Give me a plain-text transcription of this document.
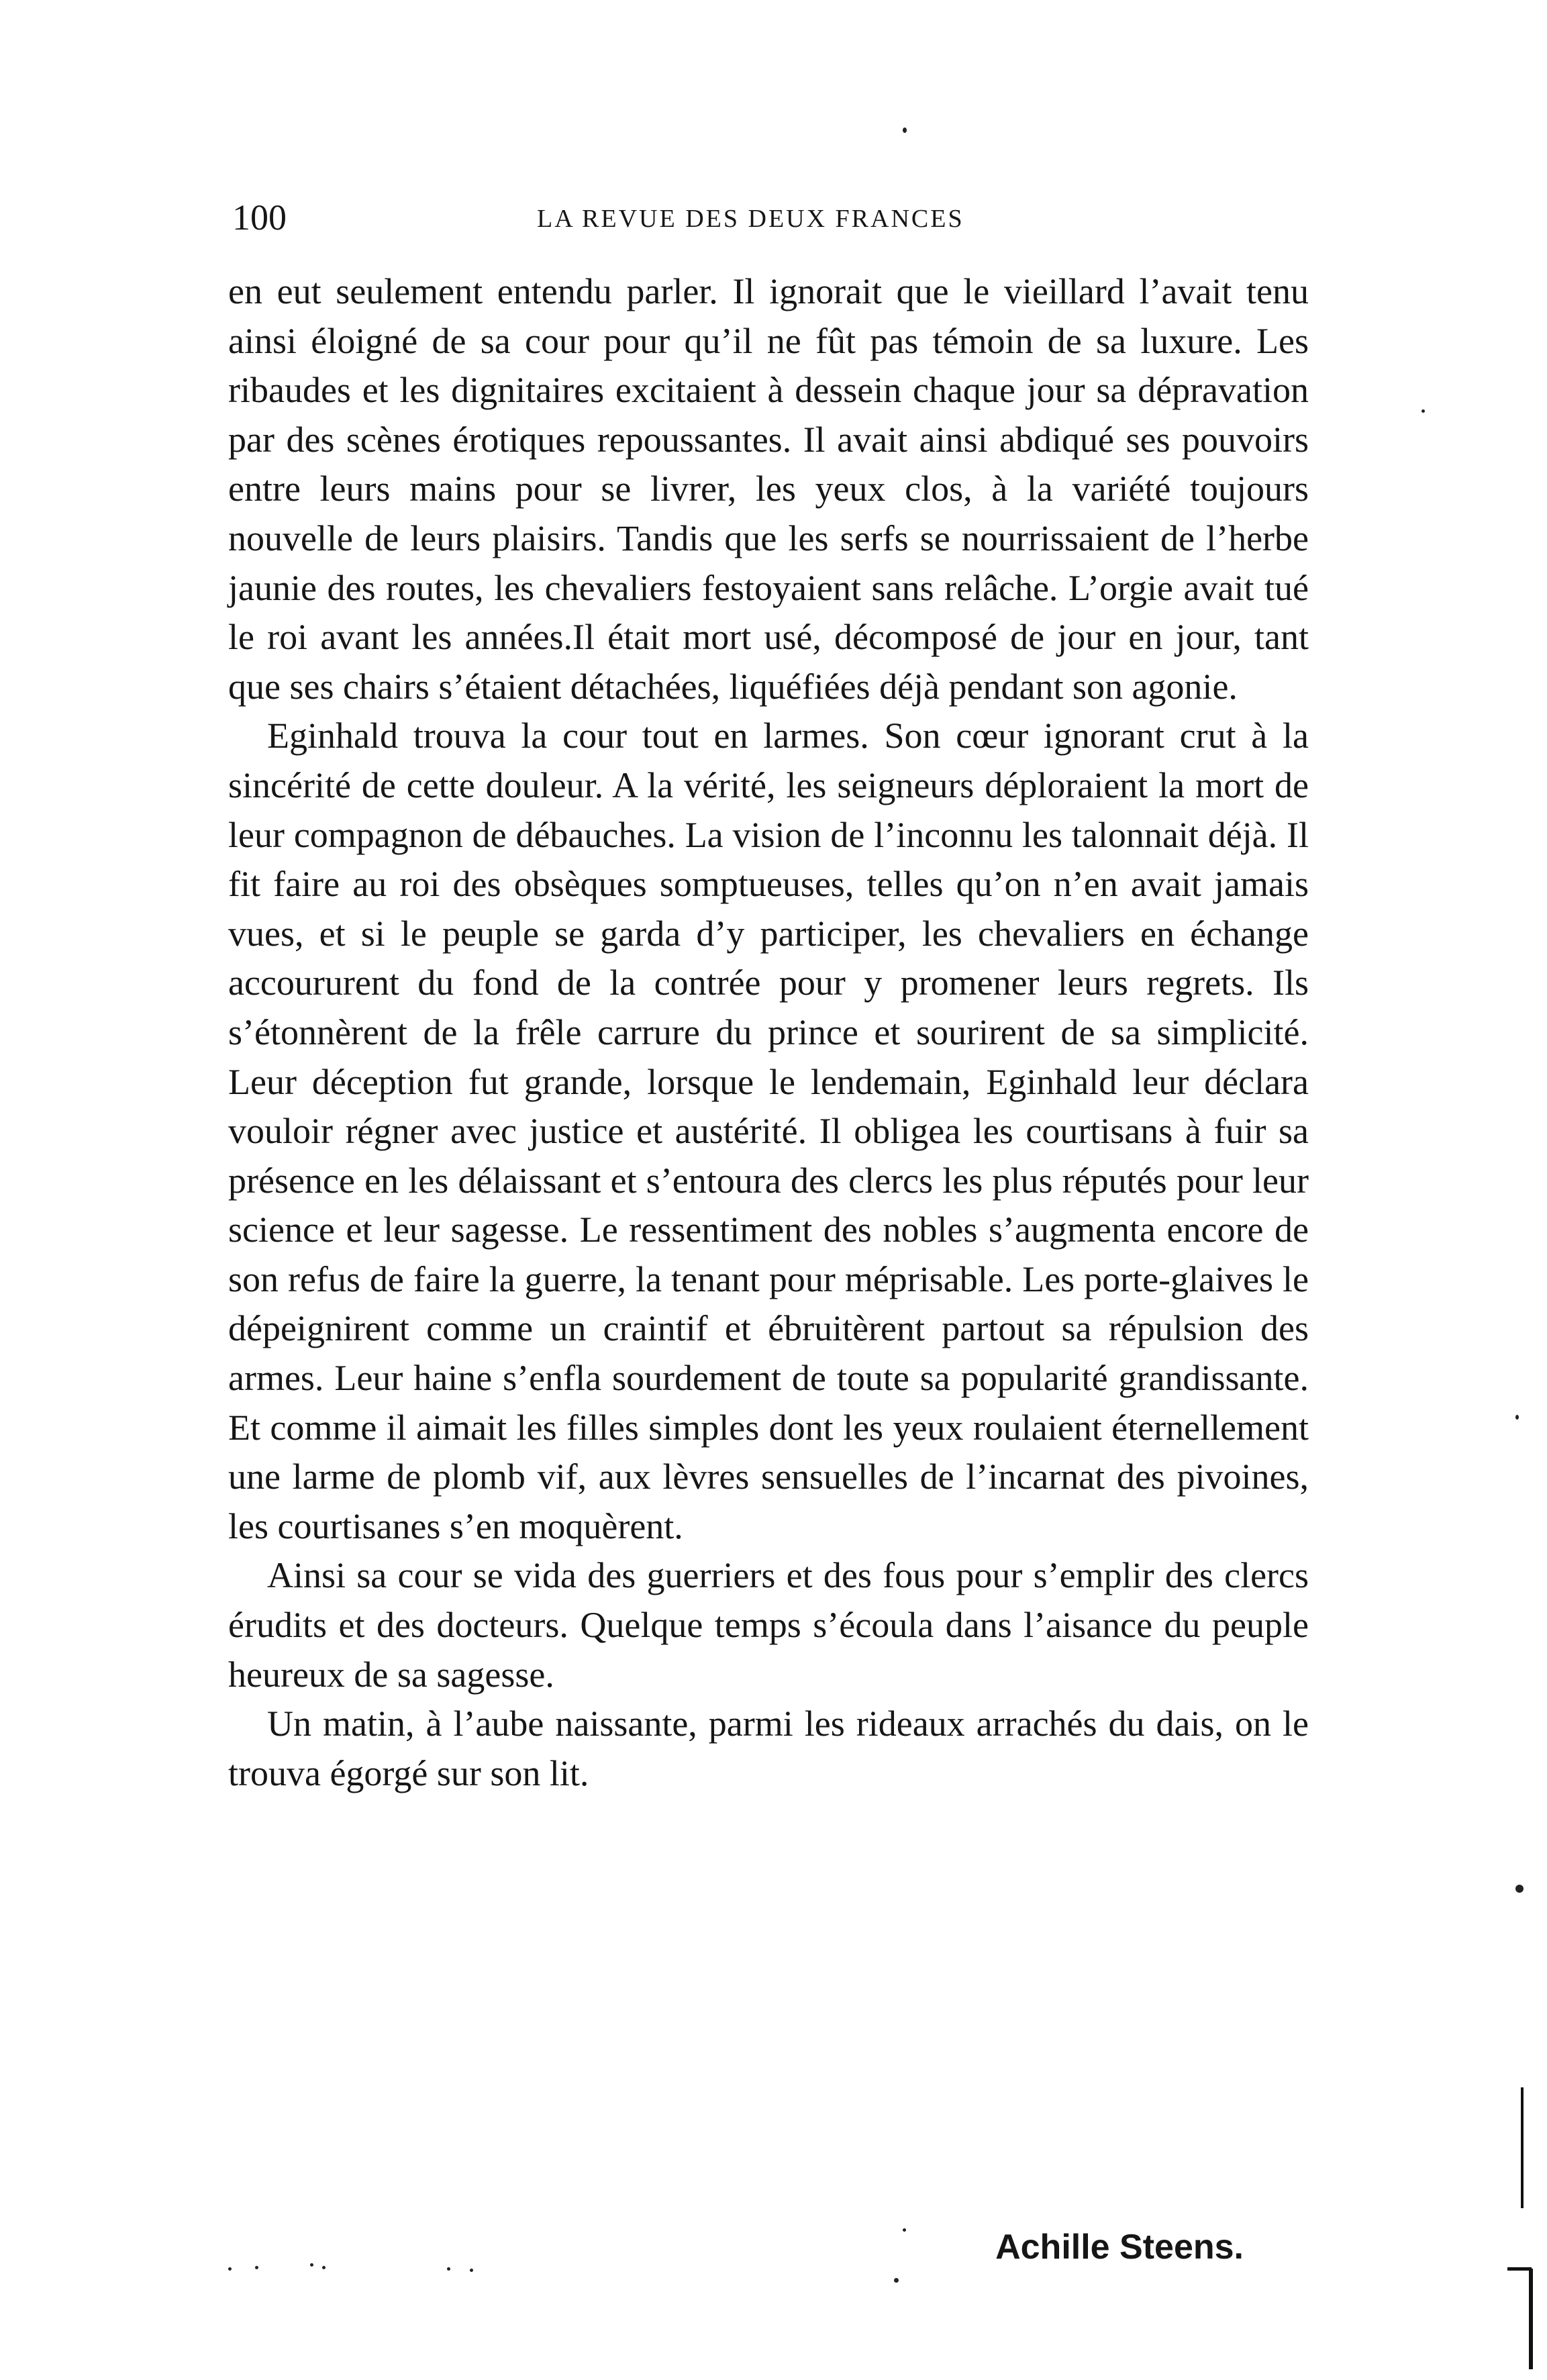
100	LA REVUE DES DEUX FRANCES

en eut seulement entendu parler. Il ignorait que le vieillard l’avait tenu ainsi éloigné de sa cour pour qu’il ne fût pas témoin de sa luxure. Les ribaudes et les dignitaires excitaient à dessein chaque jour sa dépravation par des scènes érotiques repoussantes. Il avait ainsi abdiqué ses pouvoirs entre leurs mains pour se livrer, les yeux clos, à la variété toujours nouvelle de leurs plaisirs. Tandis que les serfs se nourrissaient de l’herbe jaunie des routes, les chevaliers festoyaient sans relâche. L’orgie avait tué le roi avant les années.Il était mort usé, décomposé de jour en jour, tant que ses chairs s’étaient détachées, liquéfiées déjà pendant son agonie.

Eginhald trouva la cour tout en larmes. Son cœur ignorant crut à la sincérité de cette douleur. A la vérité, les seigneurs déploraient la mort de leur compagnon de débauches. La vision de l’inconnu les talonnait déjà. Il fit faire au roi des obsèques somptueuses, telles qu’on n’en avait jamais vues, et si le peuple se garda d’y participer, les chevaliers en échange accoururent du fond de la contrée pour y promener leurs regrets. Ils s’étonnèrent de la frêle carrure du prince et sourirent de sa simplicité. Leur déception fut grande, lorsque le lendemain, Eginhald leur déclara vouloir régner avec justice et austérité. Il obligea les courtisans à fuir sa présence en les délaissant et s’entoura des clercs les plus réputés pour leur science et leur sagesse. Le ressentiment des nobles s’augmenta encore de son refus de faire la guerre, la tenant pour méprisable. Les porte-glaives le dépeignirent comme un craintif et ébruitèrent partout sa répulsion des armes. Leur haine s’enfla sourdement de toute sa popularité grandissante. Et comme il aimait les filles simples dont les yeux roulaient éternellement une larme de plomb vif, aux lèvres sensuelles de l’incarnat des pivoines, les courtisanes s’en moquèrent.

Ainsi sa cour se vida des guerriers et des fous pour s’emplir des clercs érudits et des docteurs. Quelque temps s’écoula dans l’aisance du peuple heureux de sa sagesse.

Un matin, à l’aube naissante, parmi les rideaux arrachés du dais, on le trouva égorgé sur son lit.

Achille Steens.
